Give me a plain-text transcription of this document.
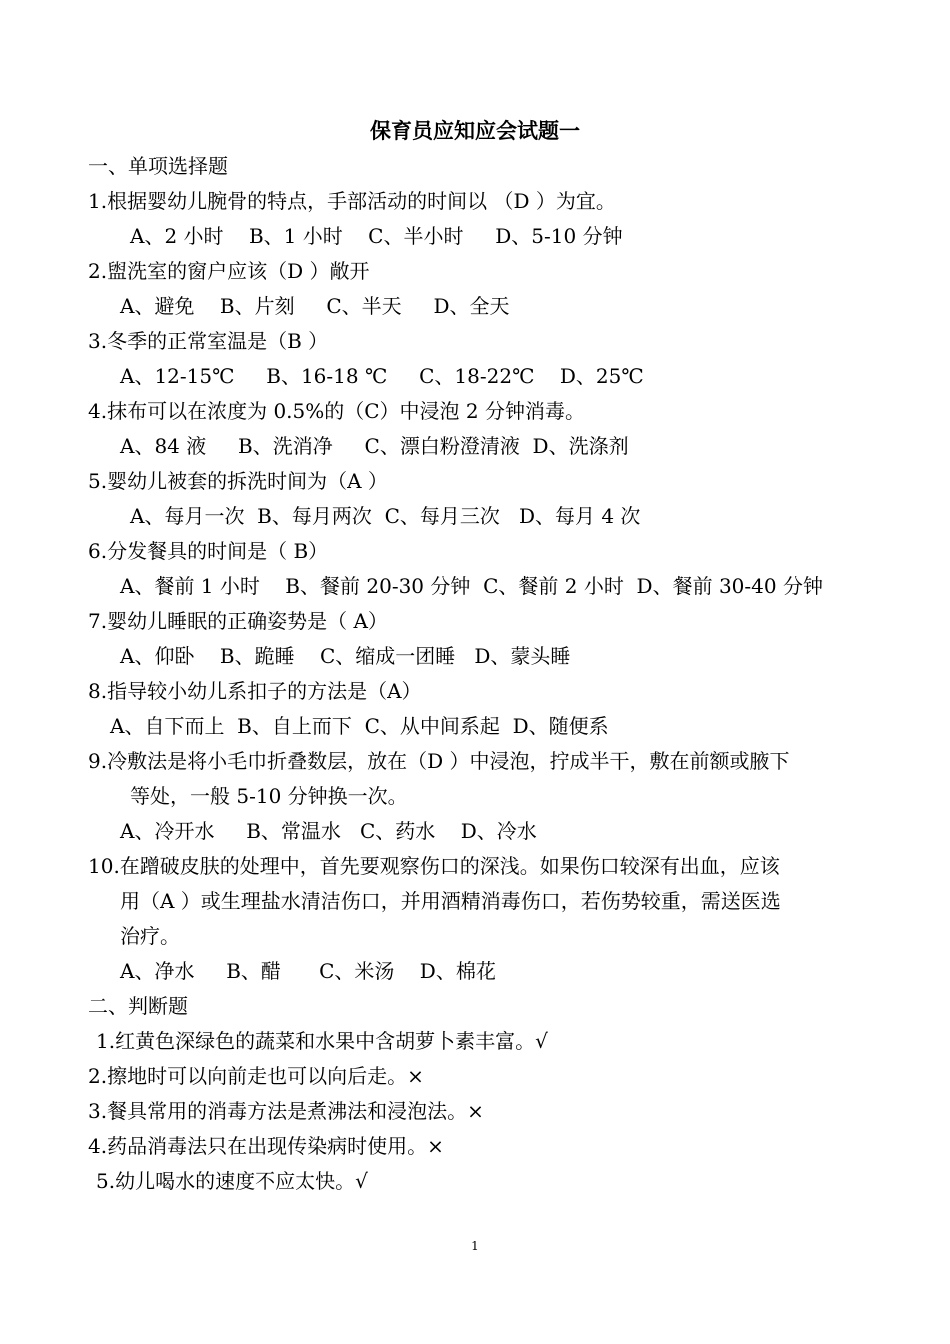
保育员应知应会试题一
一、单项选择题
1.根据婴幼儿腕骨的特点，手部活动的时间以 （D ）为宜。
A、2 小时    B、1 小时    C、半小时     D、5-10 分钟
2.盥洗室的窗户应该（D ）敞开
A、避免    B、片刻     C、半天     D、全天
3.冬季的正常室温是（B ）
A、12-15℃     B、16-18 ℃     C、18-22℃    D、25℃
4.抹布可以在浓度为 0.5%的（C）中浸泡 2 分钟消毒。
A、84 液     B、洗消净     C、漂白粉澄清液  D、洗涤剂
5.婴幼儿被套的拆洗时间为（A ）
A、每月一次  B、每月两次  C、每月三次   D、每月 4 次
6.分发餐具的时间是（ B）
A、餐前 1 小时    B、餐前 20-30 分钟  C、餐前 2 小时  D、餐前 30-40 分钟
7.婴幼儿睡眠的正确姿势是（ A）
A、仰卧    B、跪睡    C、缩成一团睡   D、蒙头睡
8.指导较小幼儿系扣子的方法是（A）
A、自下而上  B、自上而下  C、从中间系起  D、随便系
9.冷敷法是将小毛巾折叠数层，放在（D ）中浸泡，拧成半干，敷在前额或腋下
等处，一般 5-10 分钟换一次。
A、冷开水     B、常温水   C、药水    D、冷水
10.在蹭破皮肤的处理中，首先要观察伤口的深浅。如果伤口较深有出血，应该
用（A ）或生理盐水清洁伤口，并用酒精消毒伤口，若伤势较重，需送医选
治疗。
A、净水     B、醋      C、米汤    D、棉花
二、判断题
1.红黄色深绿色的蔬菜和水果中含胡萝卜素丰富。√
2.擦地时可以向前走也可以向后走。×
3.餐具常用的消毒方法是煮沸法和浸泡法。×
4.药品消毒法只在出现传染病时使用。×
5.幼儿喝水的速度不应太快。√
1
